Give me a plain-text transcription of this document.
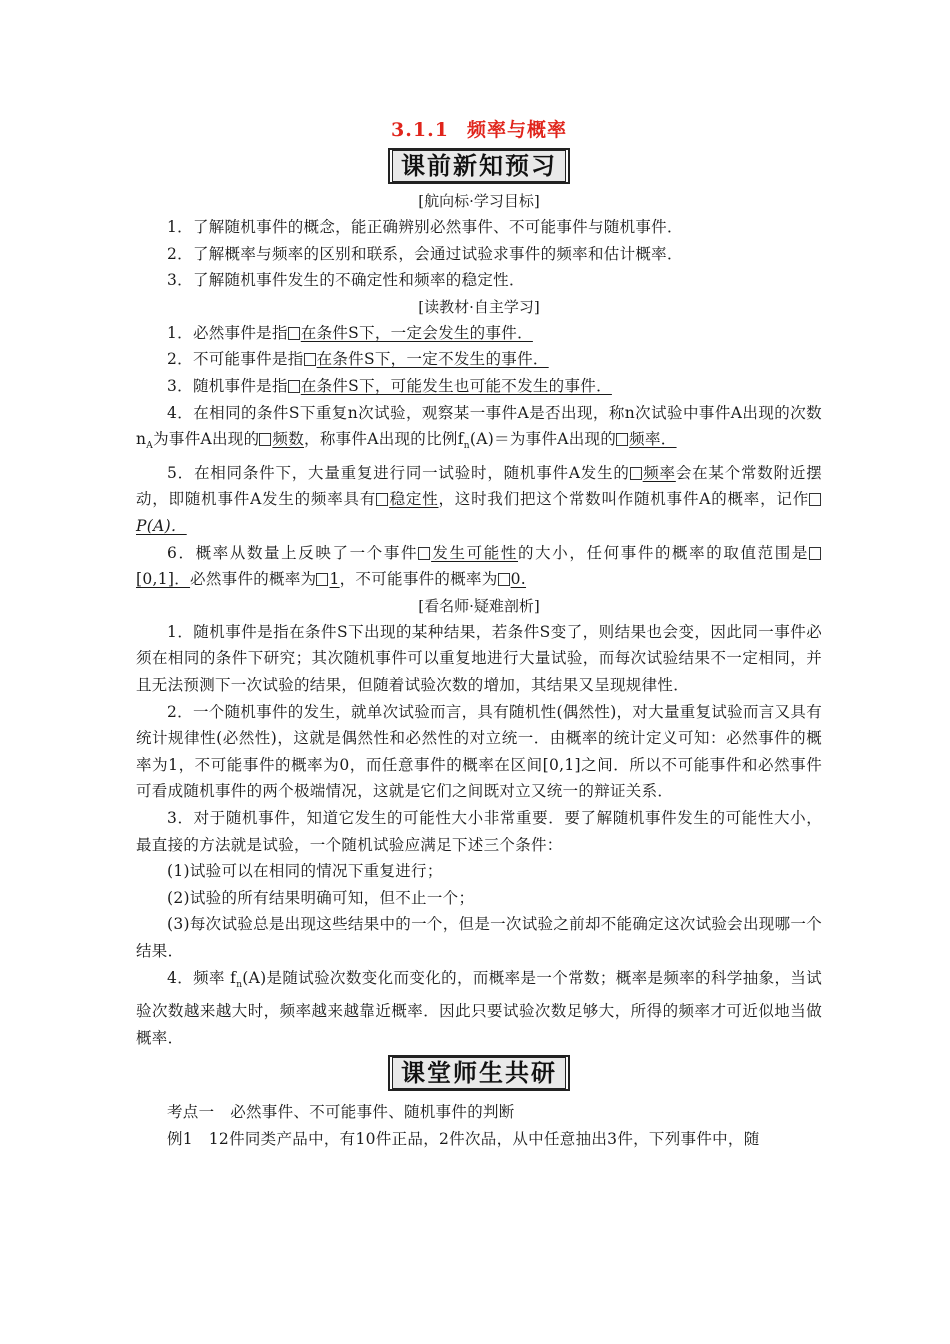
3.1.1 频率与概率
课前新知预习

[航向标·学习目标]

1．了解随机事件的概念，能正确辨别必然事件、不可能事件与随机事件．

2．了解概率与频率的区别和联系，会通过试验求事件的频率和估计概率．

3．了解随机事件发生的不确定性和频率的稳定性．

[读教材·自主学习]

1．必然事件是指 在条件S下，一定会发生的事件．

2．不可能事件是指 在条件S下，一定不发生的事件．

3．随机事件是指 在条件S下，可能发生也可能不发生的事件．

4．在相同的条件S下重复n次试验，观察某一事件A是否出现，称n次试验中事件A出现的次数$n_A$为事件A出现的 频数，称事件A出现的比例$f_n(A)=$为事件A出现的 频率．

5．在相同条件下，大量重复进行同一试验时，随机事件A发生的 频率会在某个常数附近摆动，即随机事件A发生的频率具有 稳定性，这时我们把这个常数叫作随机事件A的概率，记作P(A)．

6．概率从数量上反映了一个事件 发生可能性的大小，任何事件的概率的取值范围是[0,1]．必然事件的概率为 1，不可能事件的概率为 0.

[看名师·疑难剖析]

1．随机事件是指在条件S下出现的某种结果，若条件S变了，则结果也会变，因此同一事件必须在相同的条件下研究；其次随机事件可以重复地进行大量试验，而每次试验结果不一定相同，并且无法预测下一次试验的结果，但随着试验次数的增加，其结果又呈现规律性．

2．一个随机事件的发生，就单次试验而言，具有随机性(偶然性)，对大量重复试验而言又具有统计规律性(必然性)，这就是偶然性和必然性的对立统一．由概率的统计定义可知：必然事件的概率为1，不可能事件的概率为0，而任意事件的概率在区间[0,1]之间．所以不可能事件和必然事件可看成随机事件的两个极端情况，这就是它们之间既对立又统一的辩证关系．

3．对于随机事件，知道它发生的可能性大小非常重要．要了解随机事件发生的可能性大小，最直接的方法就是试验，一个随机试验应满足下述三个条件：

(1)试验可以在相同的情况下重复进行；

(2)试验的所有结果明确可知，但不止一个；

(3)每次试验总是出现这些结果中的一个，但是一次试验之前却不能确定这次试验会出现哪一个结果．

4．频率 $f_n(A)$是随试验次数变化而变化的，而概率是一个常数；概率是频率的科学抽象，当试验次数越来越大时，频率越来越靠近概率．因此只要试验次数足够大，所得的频率才可近似地当做概率．

课堂师生共研

考点一　必然事件、不可能事件、随机事件的判断

例1　12件同类产品中，有10件正品，2件次品，从中任意抽出3件，下列事件中，随
